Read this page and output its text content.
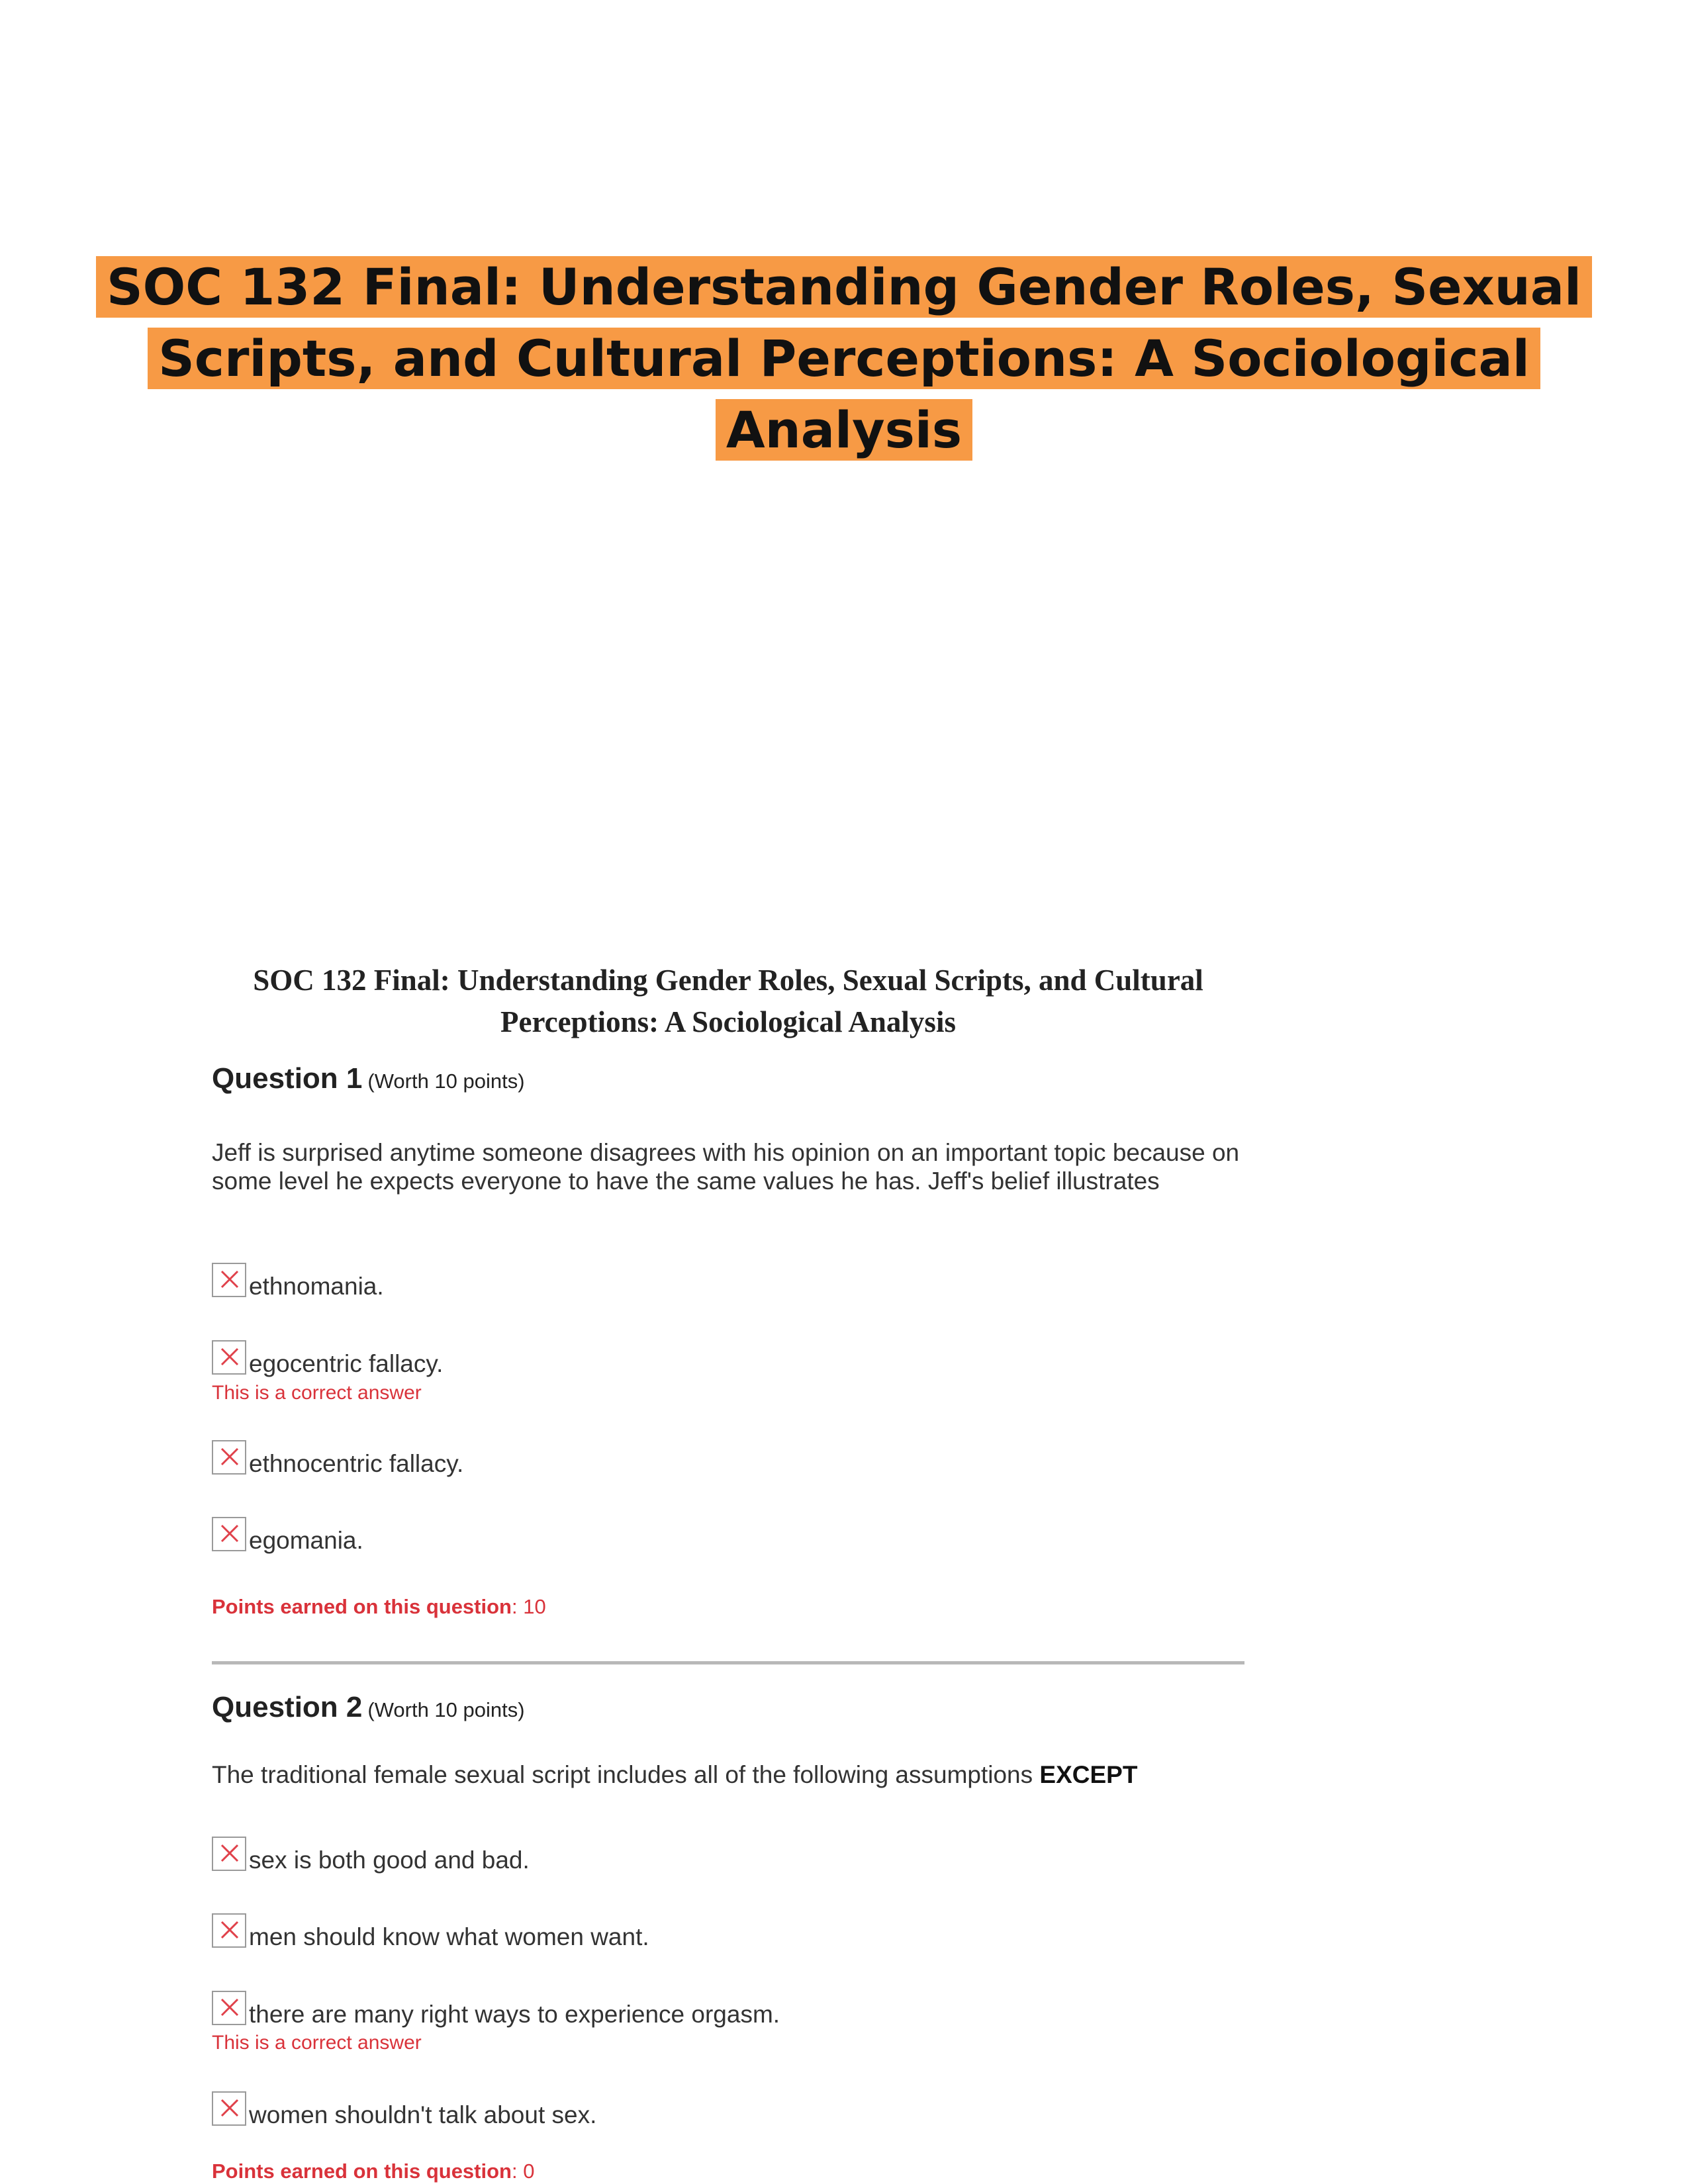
SOC 132 Final: Understanding Gender Roles, Sexual
Scripts, and Cultural Perceptions: A Sociological
Analysis
SOC 132 Final: Understanding Gender Roles, Sexual Scripts, and Cultural
Perceptions: A Sociological Analysis
Question 1 (Worth 10 points)
Jeff is surprised anytime someone disagrees with his opinion on an important topic because on some level he expects everyone to have the same values he has. Jeff's belief illustrates
ethnomania.
egocentric fallacy.
This is a correct answer
ethnocentric fallacy.
egomania.
Points earned on this question: 10
Question 2 (Worth 10 points)
The traditional female sexual script includes all of the following assumptions EXCEPT
sex is both good and bad.
men should know what women want.
there are many right ways to experience orgasm.
This is a correct answer
women shouldn't talk about sex.
Points earned on this question: 0
